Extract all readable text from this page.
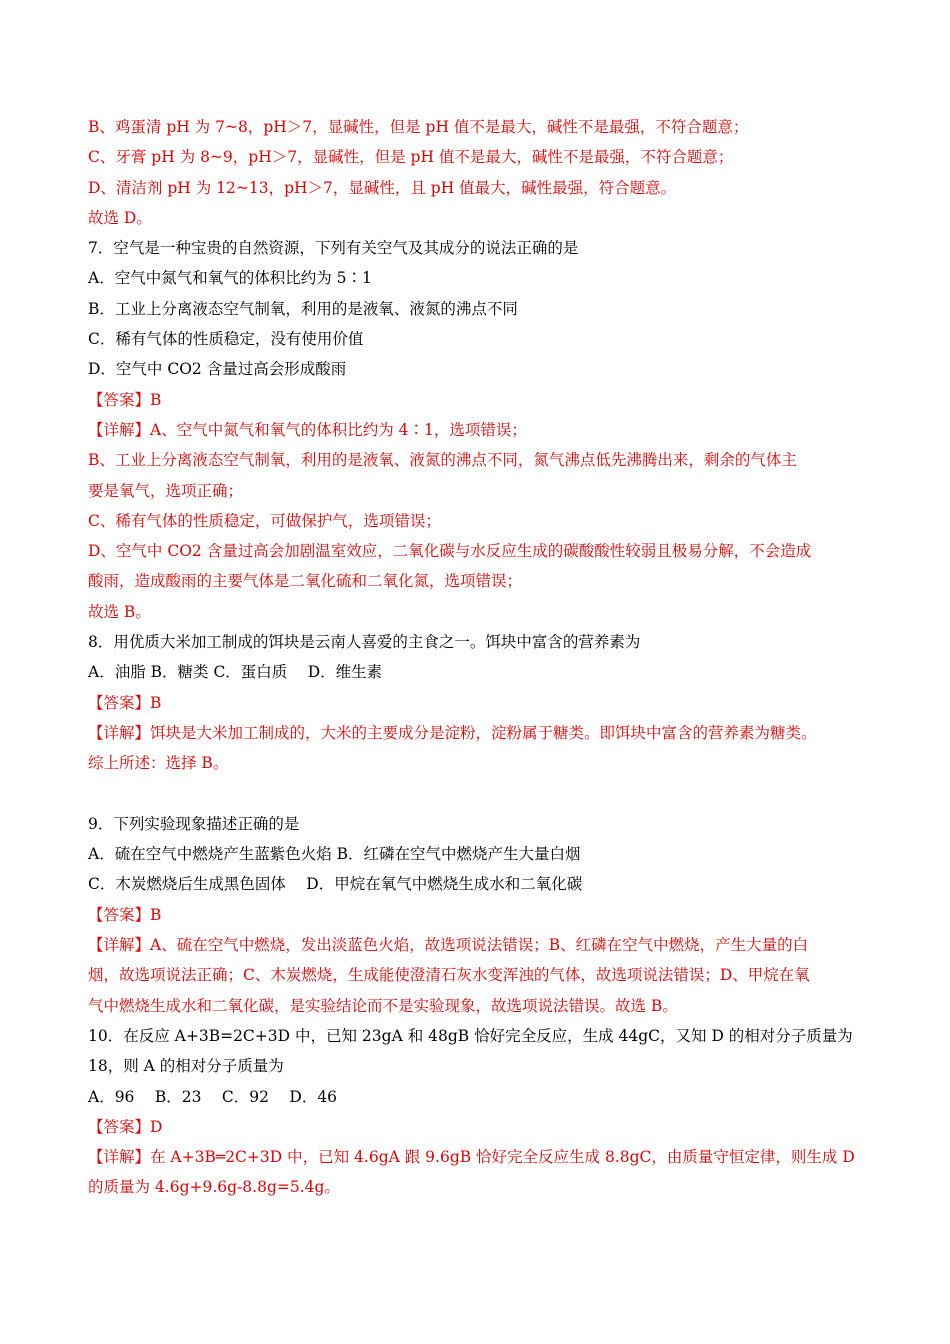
B、鸡蛋清 pH 为 7~8，pH＞7，显碱性，但是 pH 值不是最大，碱性不是最强，不符合题意；
C、牙膏 pH 为 8~9，pH＞7，显碱性，但是 pH 值不是最大，碱性不是最强，不符合题意；
D、清洁剂 pH 为 12~13，pH＞7，显碱性，且 pH 值最大，碱性最强，符合题意。
故选 D。
7．空气是一种宝贵的自然资源，下列有关空气及其成分的说法正确的是
A．空气中氮气和氧气的体积比约为 5∶1
B．工业上分离液态空气制氧，利用的是液氧、液氮的沸点不同
C．稀有气体的性质稳定，没有使用价值
D．空气中 CO2 含量过高会形成酸雨
【答案】B
【详解】A、空气中氮气和氧气的体积比约为 4∶1，选项错误；
B、工业上分离液态空气制氧，利用的是液氧、液氮的沸点不同，氮气沸点低先沸腾出来，剩余的气体主
要是氧气，选项正确；
C、稀有气体的性质稳定，可做保护气，选项错误；
D、空气中 CO2 含量过高会加剧温室效应，二氧化碳与水反应生成的碳酸酸性较弱且极易分解，不会造成
酸雨，造成酸雨的主要气体是二氧化硫和二氧化氮，选项错误；
故选 B。
8．用优质大米加工制成的饵块是云南人喜爱的主食之一。饵块中富含的营养素为
A．油脂 B．糖类 C．蛋白质　 D．维生素
【答案】B
【详解】饵块是大米加工制成的，大米的主要成分是淀粉，淀粉属于糖类。即饵块中富含的营养素为糖类。
综上所述：选择 B。
9．下列实验现象描述正确的是
A．硫在空气中燃烧产生蓝紫色火焰 B．红磷在空气中燃烧产生大量白烟
C．木炭燃烧后生成黑色固体　 D．甲烷在氧气中燃烧生成水和二氧化碳
【答案】B
【详解】A、硫在空气中燃烧，发出淡蓝色火焰，故选项说法错误；B、红磷在空气中燃烧，产生大量的白
烟，故选项说法正确；C、木炭燃烧，生成能使澄清石灰水变浑浊的气体，故选项说法错误；D、甲烷在氧
气中燃烧生成水和二氧化碳，是实验结论而不是实验现象，故选项说法错误。故选 B。
10．在反应 A+3B=2C+3D 中，已知 23gA 和 48gB 恰好完全反应，生成 44gC，又知 D 的相对分子质量为
18，则 A 的相对分子质量为
A．96　 B．23　 C．92　 D．46
【答案】D
【详解】在 A+3B═2C+3D 中，已知 4.6gA 跟 9.6gB 恰好完全反应生成 8.8gC，由质量守恒定律，则生成 D
的质量为 4.6g+9.6g-8.8g=5.4g。
